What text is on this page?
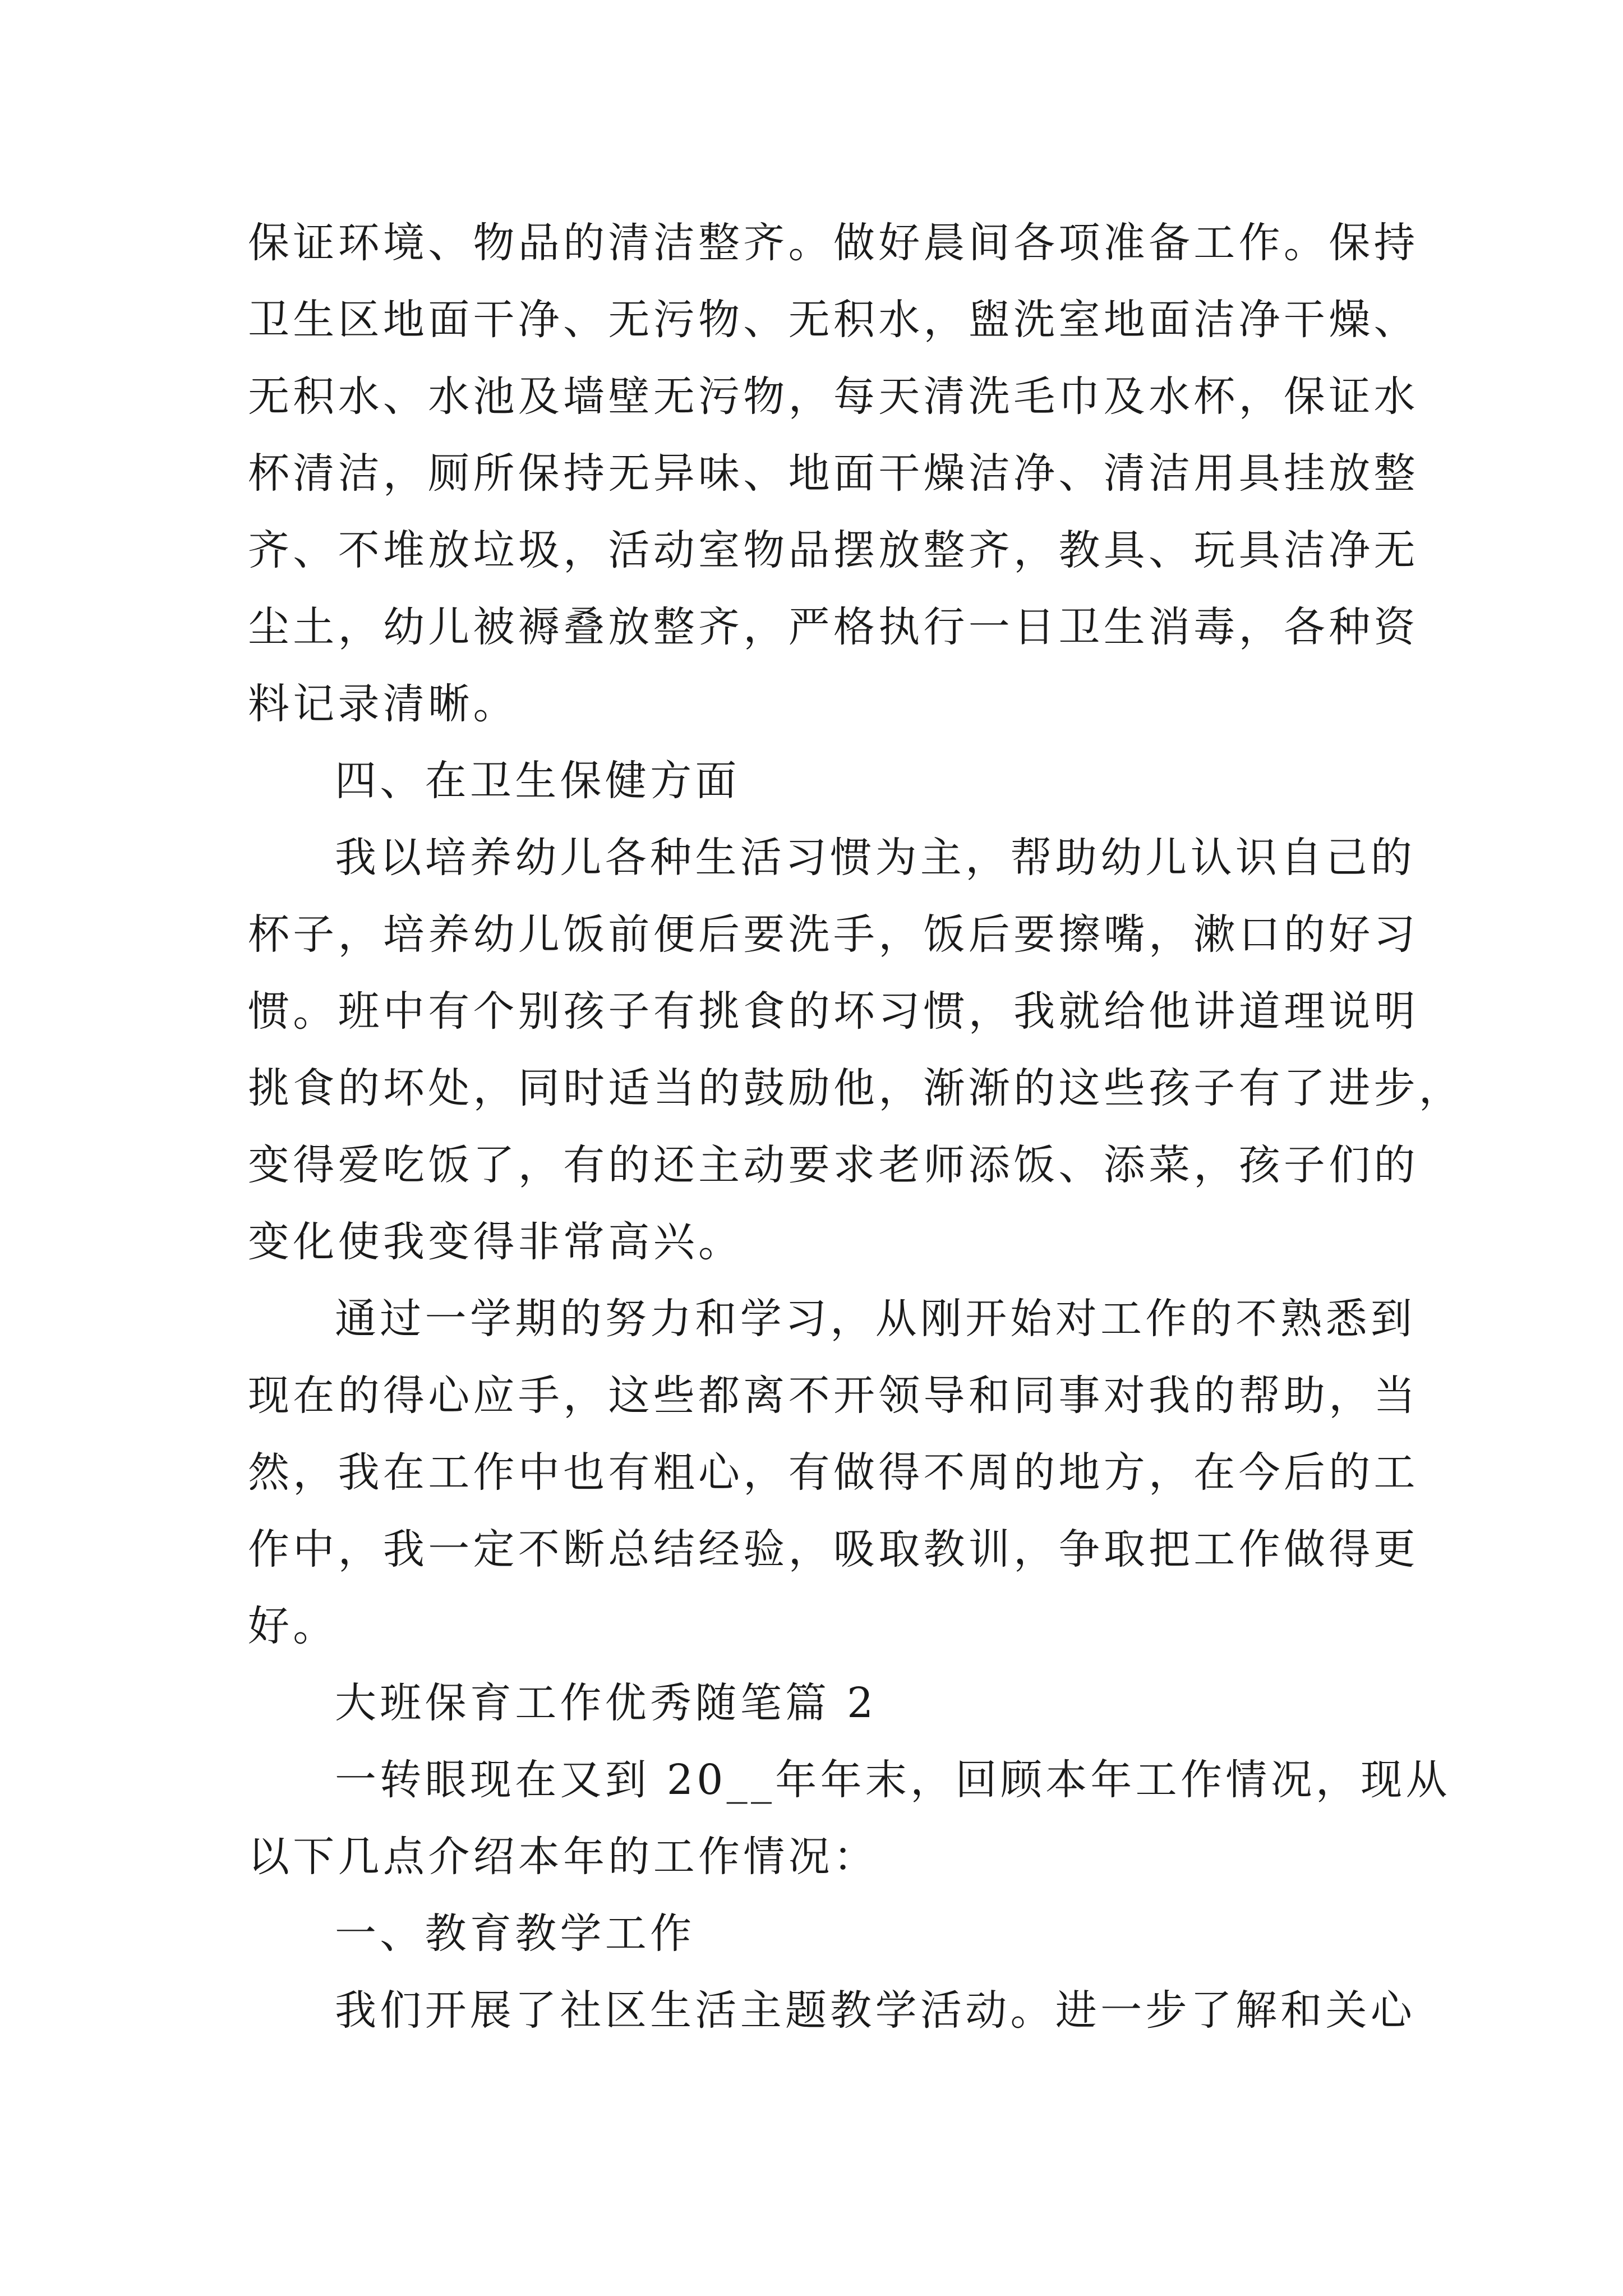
保证环境、物品的清洁整齐。做好晨间各项准备工作。保持
卫生区地面干净、无污物、无积水，盥洗室地面洁净干燥、
无积水、水池及墙壁无污物，每天清洗毛巾及水杯，保证水
杯清洁，厕所保持无异味、地面干燥洁净、清洁用具挂放整
齐、不堆放垃圾，活动室物品摆放整齐，教具、玩具洁净无
尘土，幼儿被褥叠放整齐，严格执行一日卫生消毒，各种资
料记录清晰。
四、在卫生保健方面
我以培养幼儿各种生活习惯为主，帮助幼儿认识自己的
杯子，培养幼儿饭前便后要洗手，饭后要擦嘴，漱口的好习
惯。班中有个别孩子有挑食的坏习惯，我就给他讲道理说明
挑食的坏处，同时适当的鼓励他，渐渐的这些孩子有了进步，
变得爱吃饭了，有的还主动要求老师添饭、添菜，孩子们的
变化使我变得非常高兴。
通过一学期的努力和学习，从刚开始对工作的不熟悉到
现在的得心应手，这些都离不开领导和同事对我的帮助，当
然，我在工作中也有粗心，有做得不周的地方，在今后的工
作中，我一定不断总结经验，吸取教训，争取把工作做得更
好。
大班保育工作优秀随笔篇 2
一转眼现在又到 20__年年末，回顾本年工作情况，现从
以下几点介绍本年的工作情况：
一、教育教学工作
我们开展了社区生活主题教学活动。进一步了解和关心
